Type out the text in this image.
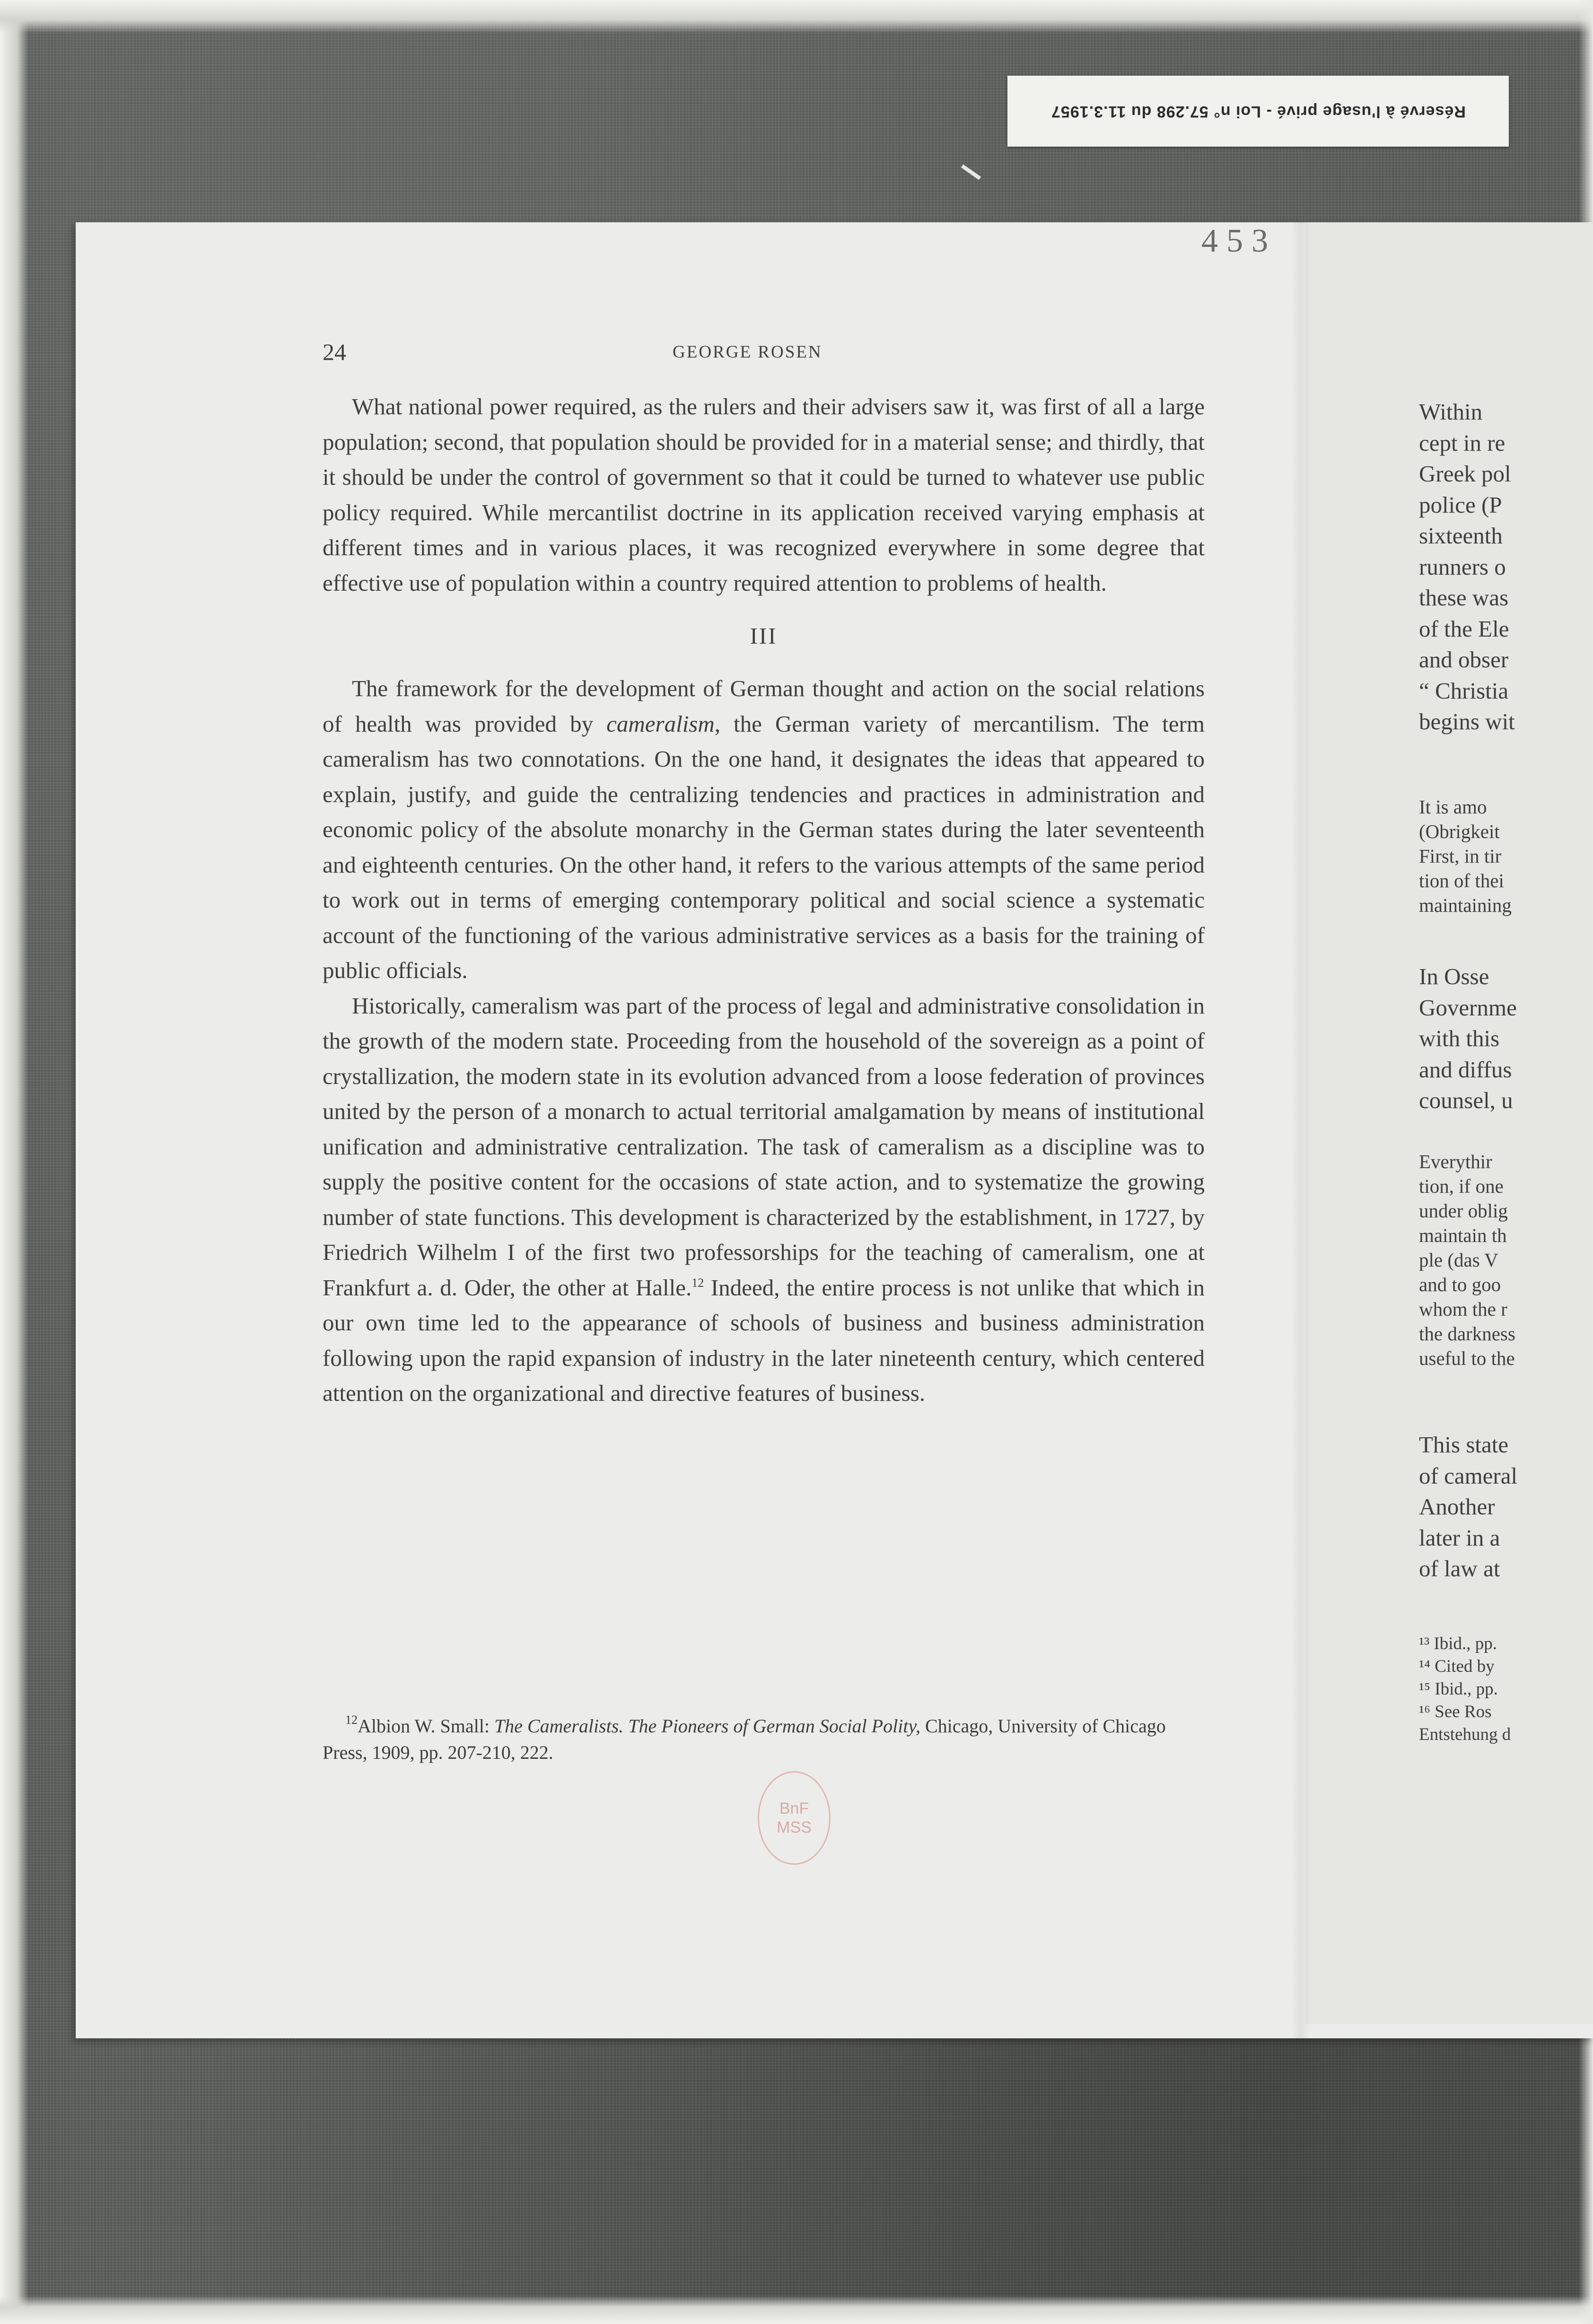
Réservé à l'usage privé - Loi n° 57.298 du 11.3.1957
453
24	GEORGE ROSEN

What national power required, as the rulers and their advisers saw it, was first of all a large population; second, that population should be provided for in a material sense; and thirdly, that it should be under the control of government so that it could be turned to whatever use public policy required. While mercantilist doctrine in its application received varying emphasis at different times and in various places, it was recognized everywhere in some degree that effective use of population within a country required attention to problems of health.

III

The framework for the development of German thought and action on the social relations of health was provided by cameralism, the German variety of mercantilism. The term cameralism has two connotations. On the one hand, it designates the ideas that appeared to explain, justify, and guide the centralizing tendencies and practices in administration and economic policy of the absolute monarchy in the German states during the later seventeenth and eighteenth centuries. On the other hand, it refers to the various attempts of the same period to work out in terms of emerging contemporary political and social science a systematic account of the functioning of the various administrative services as a basis for the training of public officials.

Historically, cameralism was part of the process of legal and administrative consolidation in the growth of the modern state. Proceeding from the household of the sovereign as a point of crystallization, the modern state in its evolution advanced from a loose federation of provinces united by the person of a monarch to actual territorial amalgamation by means of institutional unification and administrative centralization. The task of cameralism as a discipline was to supply the positive content for the occasions of state action, and to systematize the growing number of state functions. This development is characterized by the establishment, in 1727, by Friedrich Wilhelm I of the first two professorships for the teaching of cameralism, one at Frankfurt a. d. Oder, the other at Halle.$^{12}$ Indeed, the entire process is not unlike that which in our own time led to the appearance of schools of business and business administration following upon the rapid expansion of industry in the later nineteenth century, which centered attention on the organizational and directive features of business.

$^{12}$Albion W. Small: The Cameralists. The Pioneers of German Social Polity, Chicago, University of Chicago Press, 1909, pp. 207-210, 222.
BnF
MSS
Within
cept in re
Greek pol
police (P
sixteenth
runners o
these was
of the Ele
and obser
“ Christia
begins wit
It is amo
(Obrigkeit
First, in tir
tion of thei
maintaining
In Osse
Governme
with this
and diffus
counsel, u
Everythir
tion, if one
under oblig
maintain th
ple (das V
and to goo
whom the r
the darkness
useful to the
This state
of cameral
Another
later in a
of law at
¹³ Ibid., pp.
¹⁴ Cited by
¹⁵ Ibid., pp.
¹⁶ See Ros
Entstehung d
